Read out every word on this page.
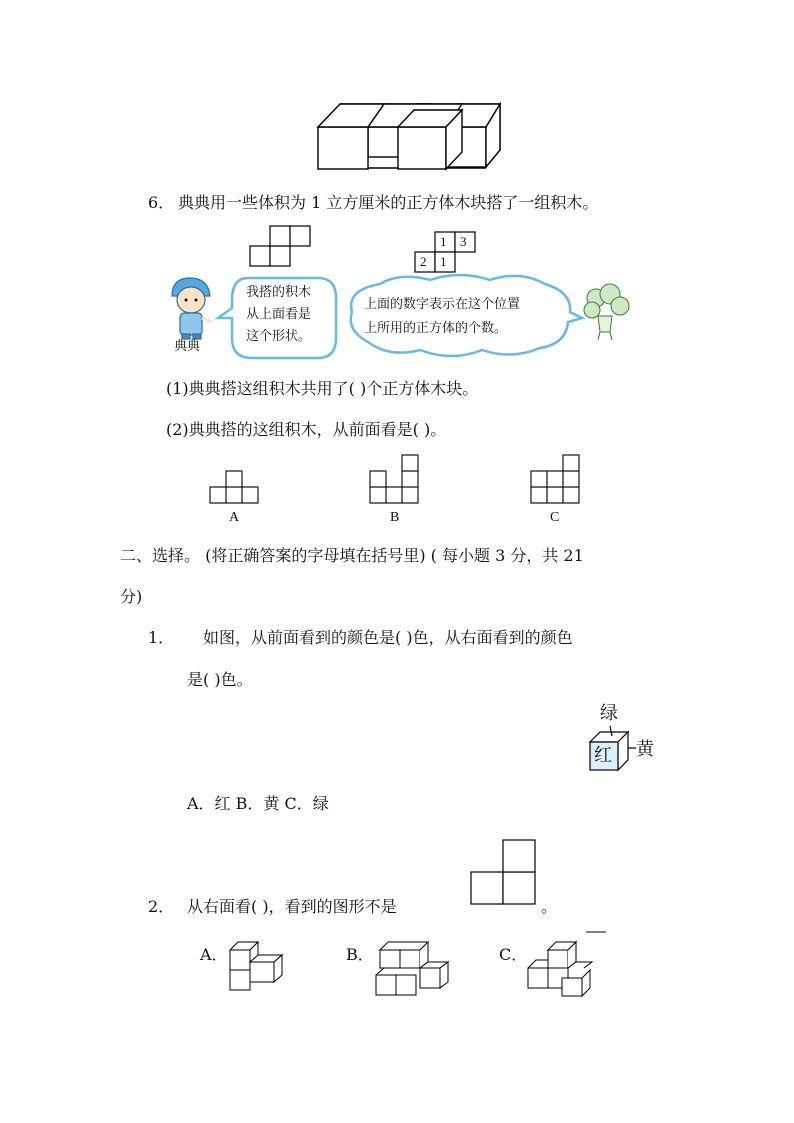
6． 典典用一些体积为 1 立方厘米的正方体木块搭了一组积木。
1 3
2 1
典典
我搭的积木
从上面看是
这个形状。
上面的数字表示在这个位置
上所用的正方体的个数。
(1)典典搭这组积木共用了( )个正方体木块。
(2)典典搭的这组积木，从前面看是( )。
A	B	C
二、选择。 (将正确答案的字母填在括号里) ( 每小题 3 分，共 21
分)
1． 如图，从前面看到的颜色是( )色，从右面看到的颜色
是( )色。
绿
红 黄
A．红 B．黄 C．绿
2． 从右面看( )，看到的图形不是	。
A．	B．	C．
